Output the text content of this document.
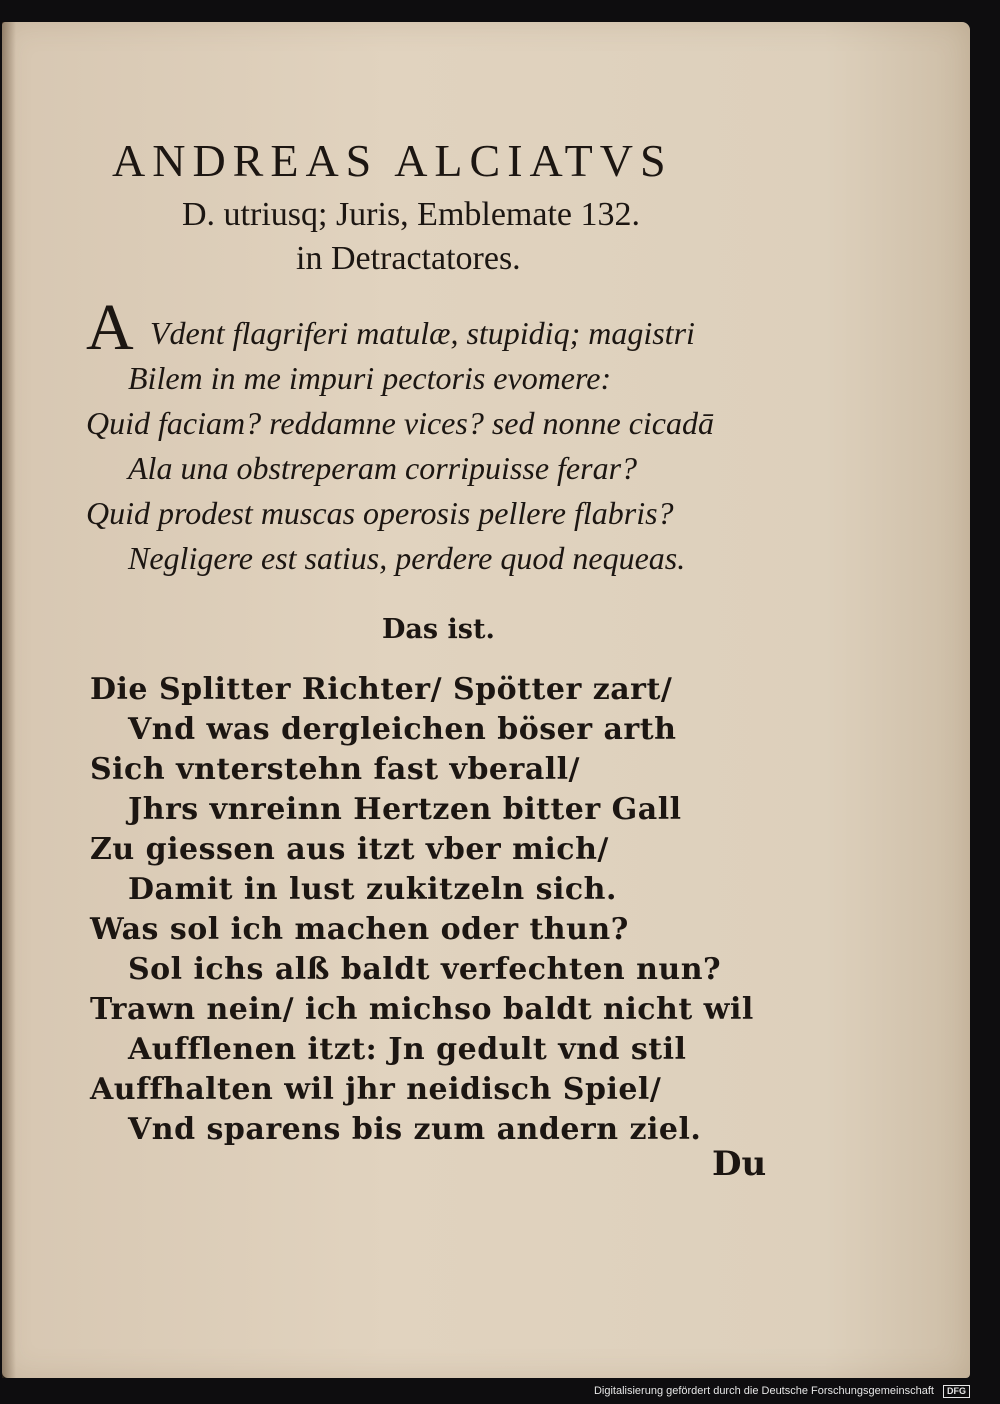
ANDREAS ALCIATVS
D. utriusq; Juris, Emblemate 132.
in Detractatores.
A Vdent flagriferi matulæ, stupidiq; magistri
Bilem in me impuri pectoris evomere:
Quid faciam? reddamne vices? sed nonne cicadā
Ala una obstreperam corripuisse ferar?
Quid prodest muscas operosis pellere flabris?
Negligere est satius, perdere quod nequeas.
Das ist.
Die Splitter Richter/ Spötter zart/
Vnd was dergleichen böser arth
Sich vnterstehn fast vberall/
Jhrs vnreinn Hertzen bitter Gall
Zu giessen aus itzt vber mich/
Damit in lust zukitzeln sich.
Was sol ich machen oder thun?
Sol ichs alß baldt verfechten nun?
Trawn nein/ ich michso baldt nicht wil
Aufflenen itzt: Jn gedult vnd stil
Auffhalten wil jhr neidisch Spiel/
Vnd sparens bis zum andern ziel.
Du
Digitalisierung gefördert durch die Deutsche Forschungsgemeinschaft DFG
